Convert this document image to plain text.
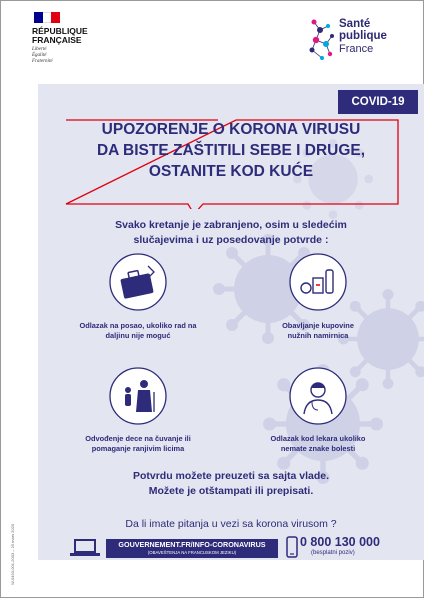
RÉPUBLIQUE
FRANÇAISE
Liberté
Égalité
Fraternité
Santé
publique
France
COVID-19
UPOZORENJE O KORONA VIRUSU
DA BISTE ZAŠTITILI SEBE I DRUGE,
OSTANITE KOD KUĆE
Svako kretanje je zabranjeno, osim u sledećim
slučajevima i uz posedovanje potvrde :
Odlazak na posao, ukoliko rad na
daljinu nije moguć
Obavljanje kupovine
nužnih namirnica
Odvođenje dece na čuvanje ili
pomaganje ranjivim licima
Odlazak kod lekara ukoliko
nemate znake bolesti
Potvrdu možete preuzeti sa sajta vlade.
Možete je otštampati ili prepisati.
Da li imate pitanja u vezi sa korona virusom ?
GOUVERNEMENT.FR/INFO-CORONAVIRUS
(OBAVEŠTENJA NA FRANCUSKOM JEZIKU)
0 800 130 000
(besplatni poziv)
W-0493-001-2003 – 25 mars 2020
